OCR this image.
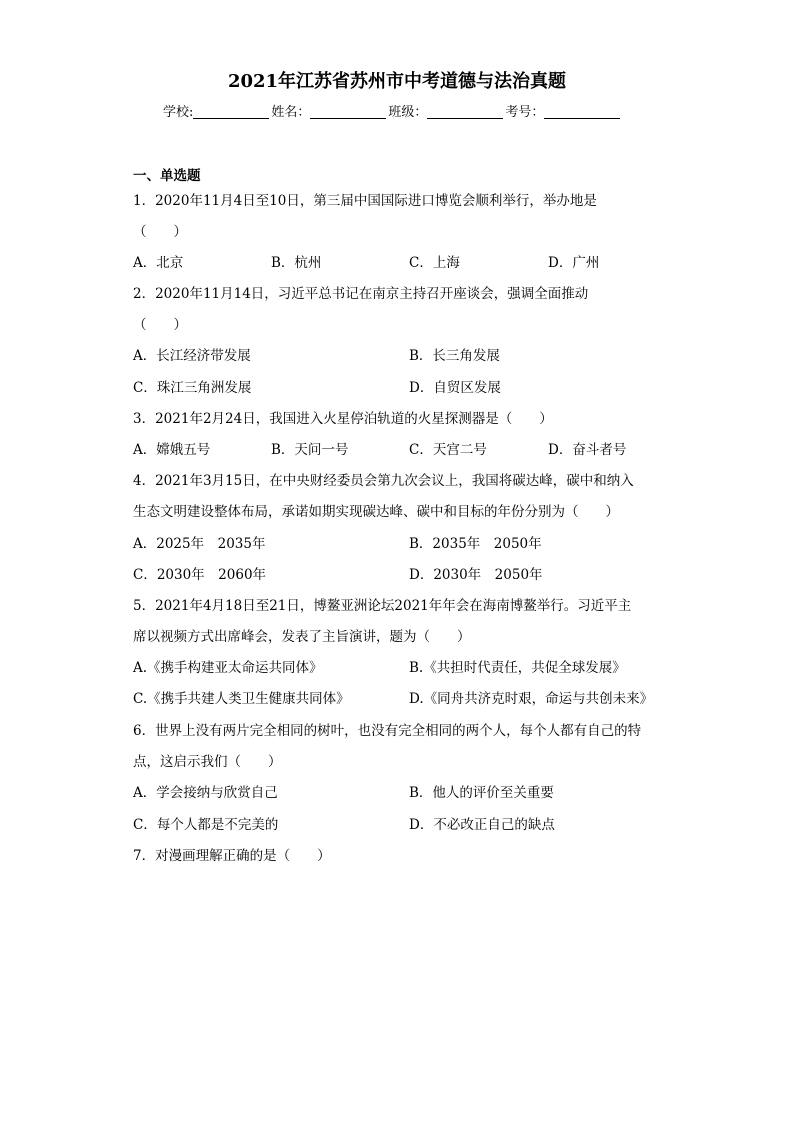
2021年江苏省苏州市中考道德与法治真题
学校:	姓名：	班级：	考号：
一、单选题
1．2020年11月4日至10日，第三届中国国际进口博览会顺利举行，举办地是
（　　）
A．北京	B．杭州	C．上海	D．广州
2．2020年11月14日，习近平总书记在南京主持召开座谈会，强调全面推动
（　　）
A．长江经济带发展	B．长三角发展
C．珠江三角洲发展	D．自贸区发展
3．2021年2月24日，我国进入火星停泊轨道的火星探测器是（　　）
A．嫦娥五号	B．天问一号	C．天宫二号	D．奋斗者号
4．2021年3月15日，在中央财经委员会第九次会议上，我国将碳达峰，碳中和纳入
生态文明建设整体布局，承诺如期实现碳达峰、碳中和目标的年份分别为（　　）
A．2025年　2035年	B．2035年　2050年
C．2030年　2060年	D．2030年　2050年
5．2021年4月18日至21日，博鳌亚洲论坛2021年年会在海南博鳌举行。习近平主
席以视频方式出席峰会，发表了主旨演讲，题为（　　）
A.《携手构建亚太命运共同体》	B.《共担时代责任，共促全球发展》
C.《携手共建人类卫生健康共同体》	D.《同舟共济克时艰，命运与共创未来》
6．世界上没有两片完全相同的树叶，也没有完全相同的两个人，每个人都有自己的特
点，这启示我们（　　）
A．学会接纳与欣赏自己	B．他人的评价至关重要
C．每个人都是不完美的	D．不必改正自己的缺点
7．对漫画理解正确的是（　　）
